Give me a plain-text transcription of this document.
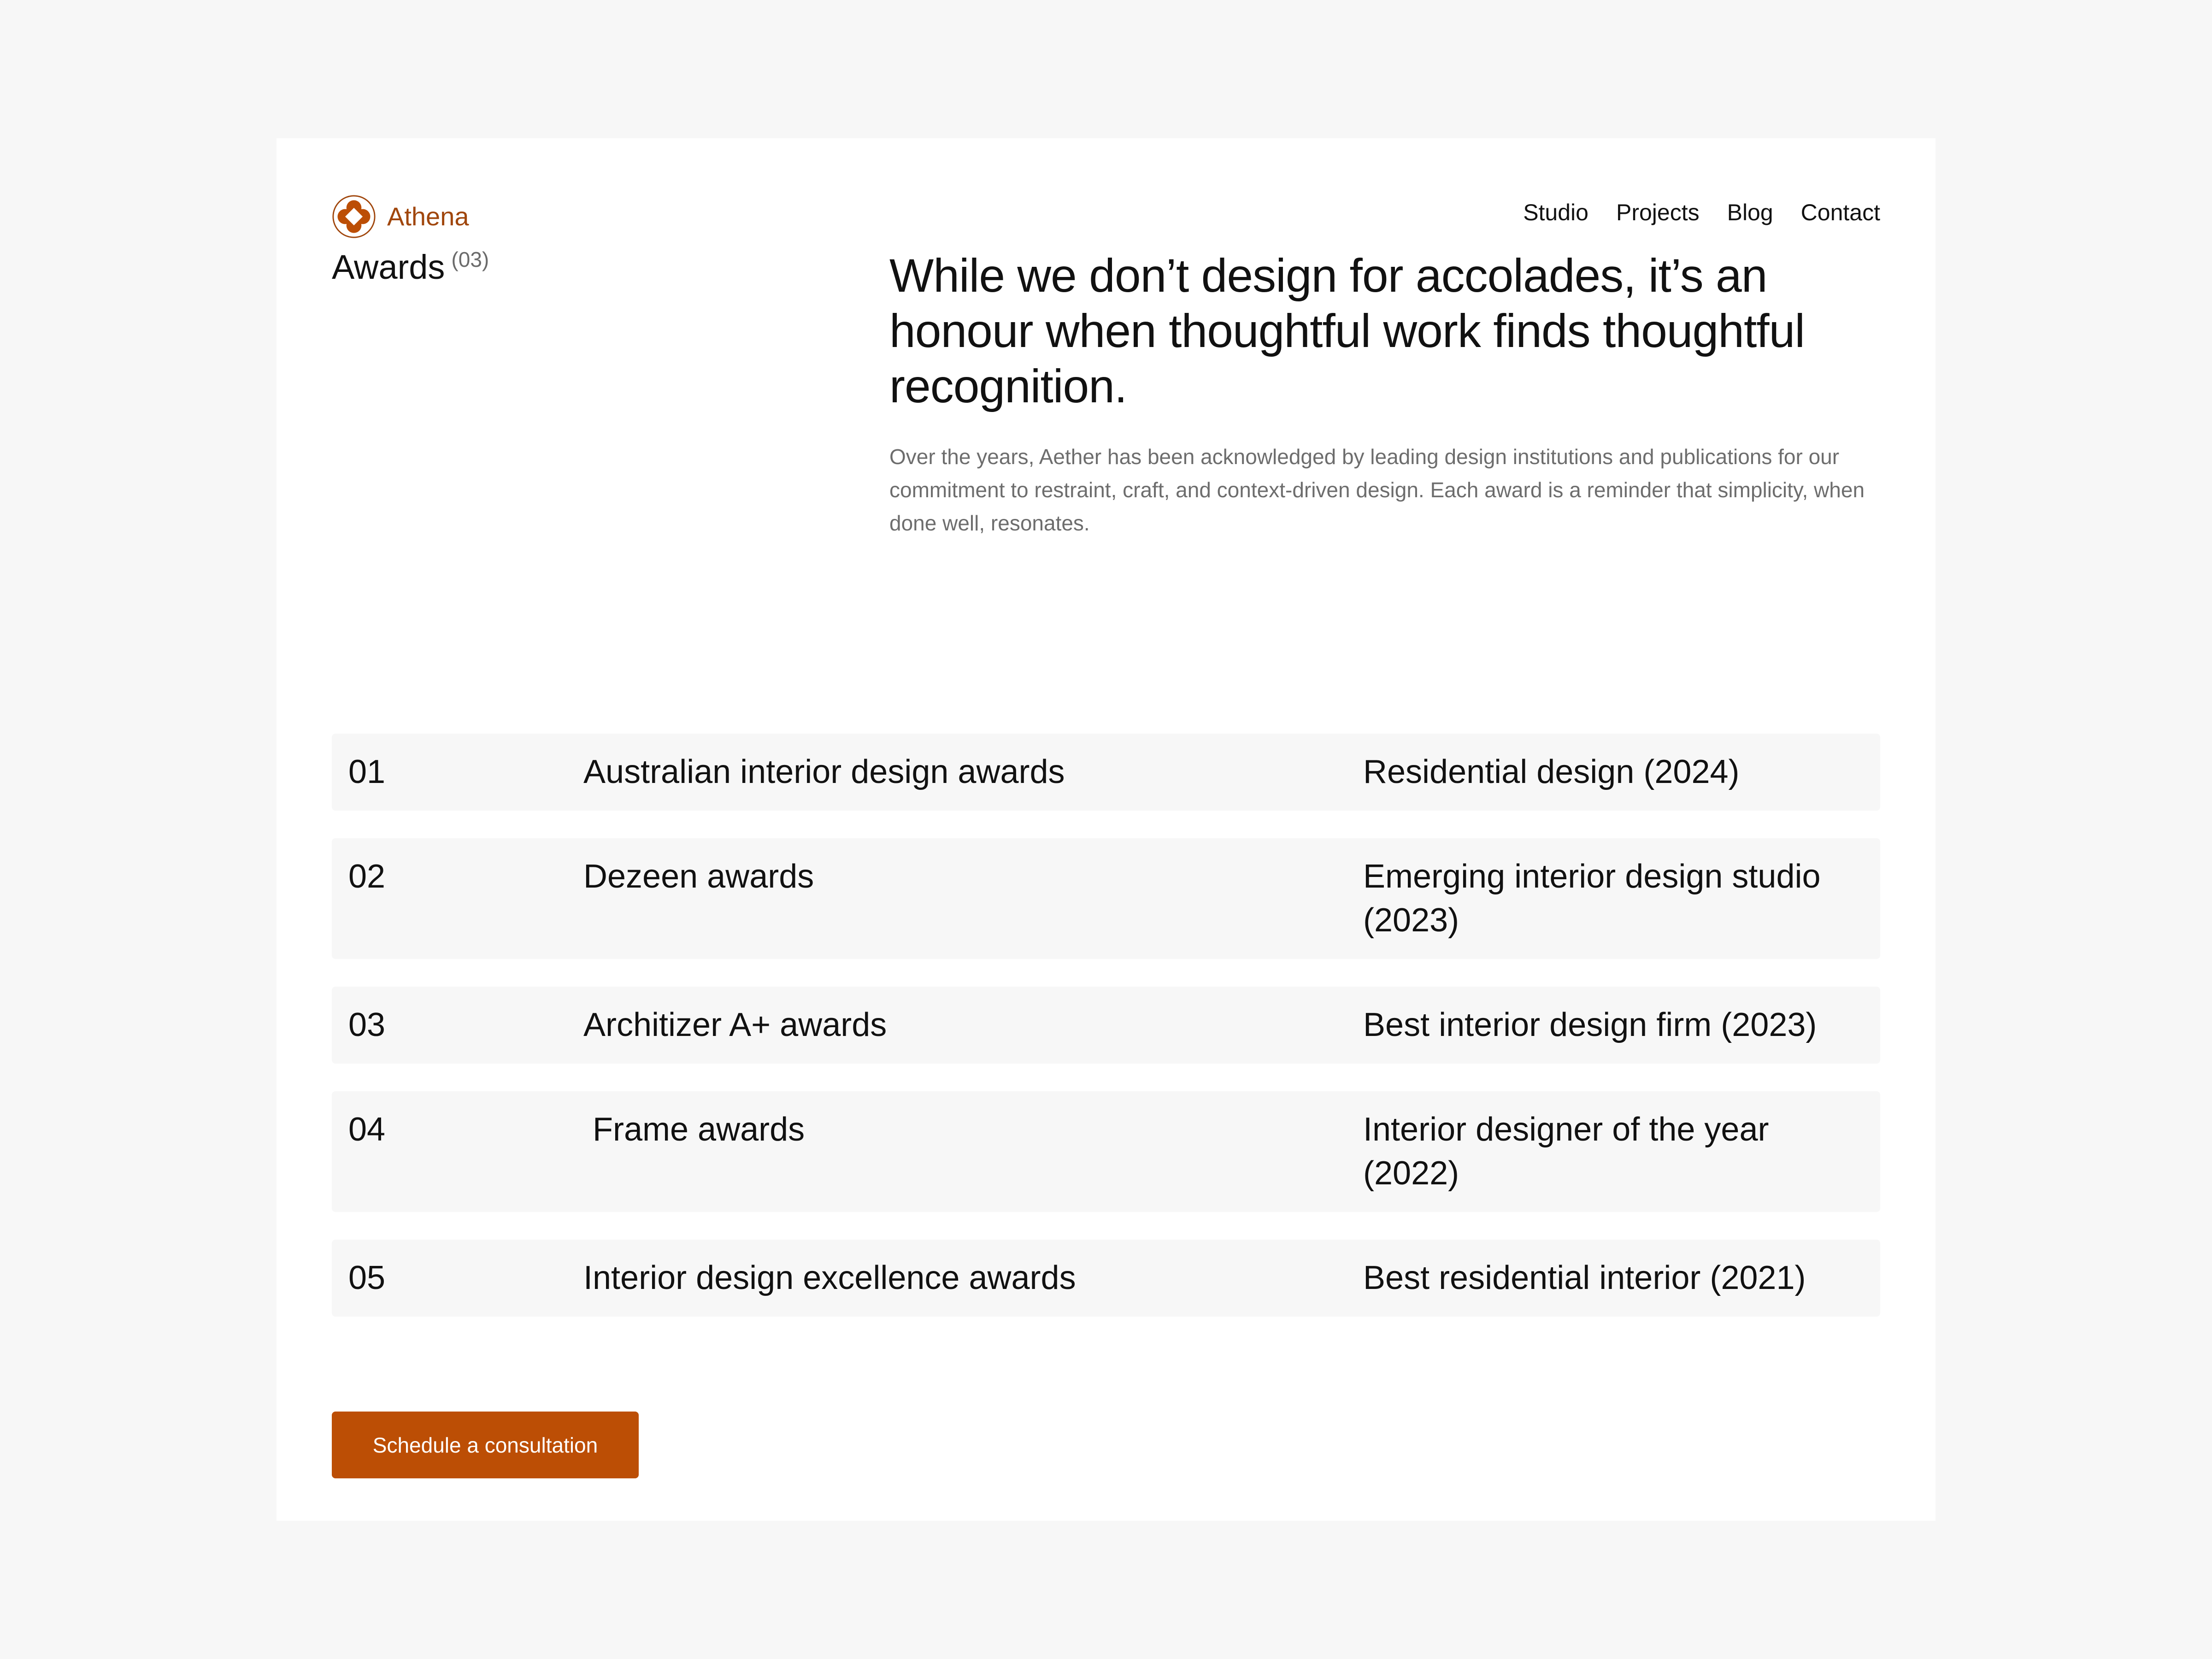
Athena	Studio Projects Blog Contact
Awards $^{(03)}$	While we don’t design for accolades, it’s an honour when thoughtful work finds thoughtful recognition.

Over the years, Aether has been acknowledged by leading design institutions and publications for our commitment to restraint, craft, and context-driven design. Each award is a reminder that simplicity, when done well, resonates.

01	Australian interior design awards	Residential design (2024)
02	Dezeen awards	Emerging interior design studio (2023)
03	Architizer A+ awards	Best interior design firm (2023)
04	Frame awards	Interior designer of the year (2022)
05	Interior design excellence awards	Best residential interior (2021)
Schedule a consultation
